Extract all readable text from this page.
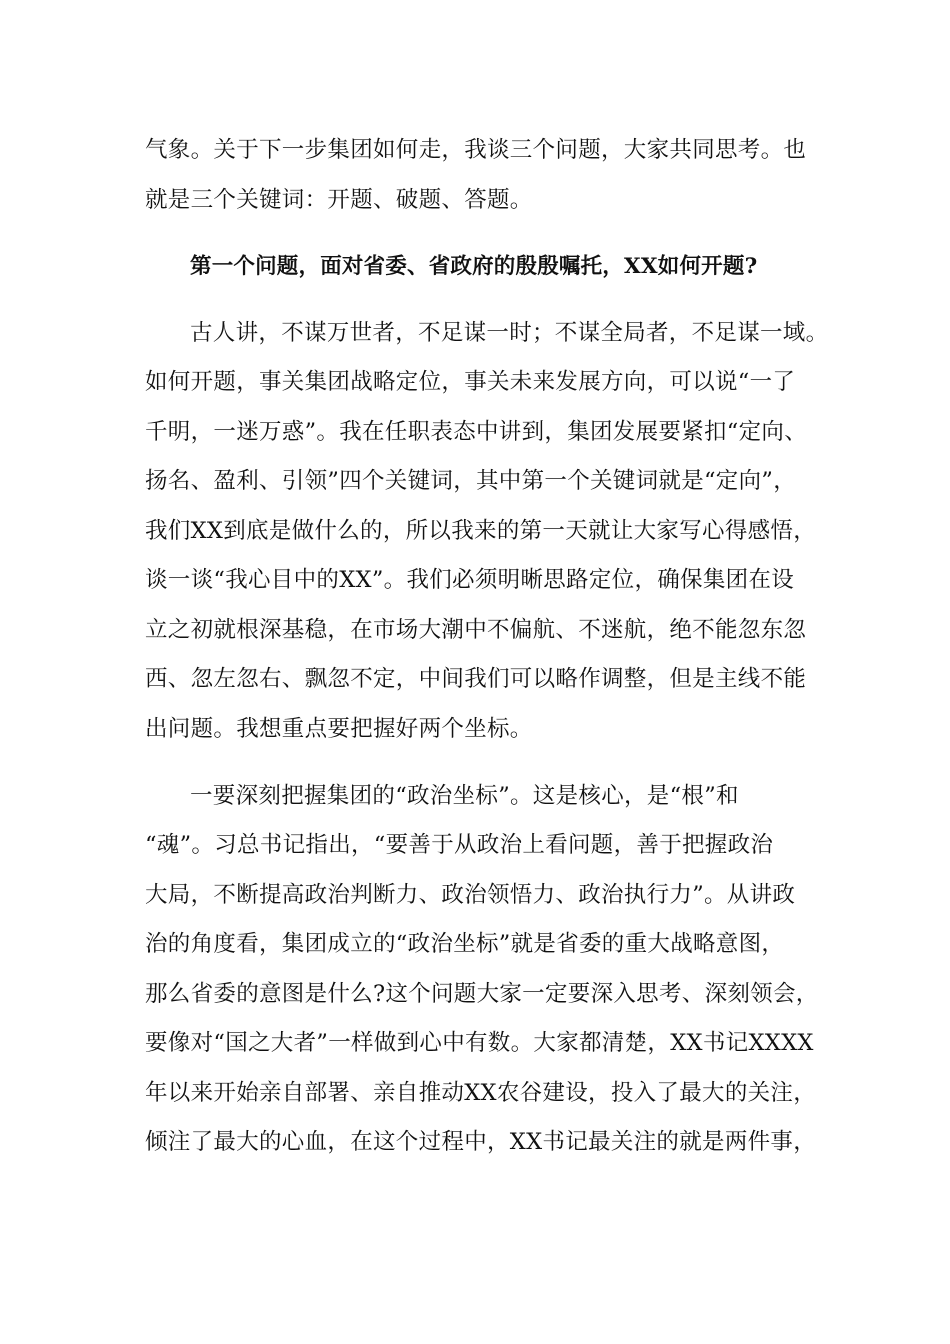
气象。关于下一步集团如何走，我谈三个问题，大家共同思考。也
就是三个关键词：开题、破题、答题。
第一个问题，面对省委、省政府的殷殷嘱托，XX如何开题?
古人讲，不谋万世者，不足谋一时；不谋全局者，不足谋一域。
如何开题，事关集团战略定位，事关未来发展方向，可以说“一了
千明，一迷万惑”。我在任职表态中讲到，集团发展要紧扣“定向、
扬名、盈利、引领”四个关键词，其中第一个关键词就是“定向”，
我们XX到底是做什么的，所以我来的第一天就让大家写心得感悟，
谈一谈“我心目中的XX”。我们必须明晰思路定位，确保集团在设
立之初就根深基稳，在市场大潮中不偏航、不迷航，绝不能忽东忽
西、忽左忽右、飘忽不定，中间我们可以略作调整，但是主线不能
出问题。我想重点要把握好两个坐标。
一要深刻把握集团的“政治坐标”。这是核心，是“根”和
“魂”。习总书记指出，“要善于从政治上看问题，善于把握政治
大局，不断提高政治判断力、政治领悟力、政治执行力”。从讲政
治的角度看，集团成立的“政治坐标”就是省委的重大战略意图，
那么省委的意图是什么?这个问题大家一定要深入思考、深刻领会，
要像对“国之大者”一样做到心中有数。大家都清楚，XX书记XXXX
年以来开始亲自部署、亲自推动XX农谷建设，投入了最大的关注，
倾注了最大的心血，在这个过程中，XX书记最关注的就是两件事，
